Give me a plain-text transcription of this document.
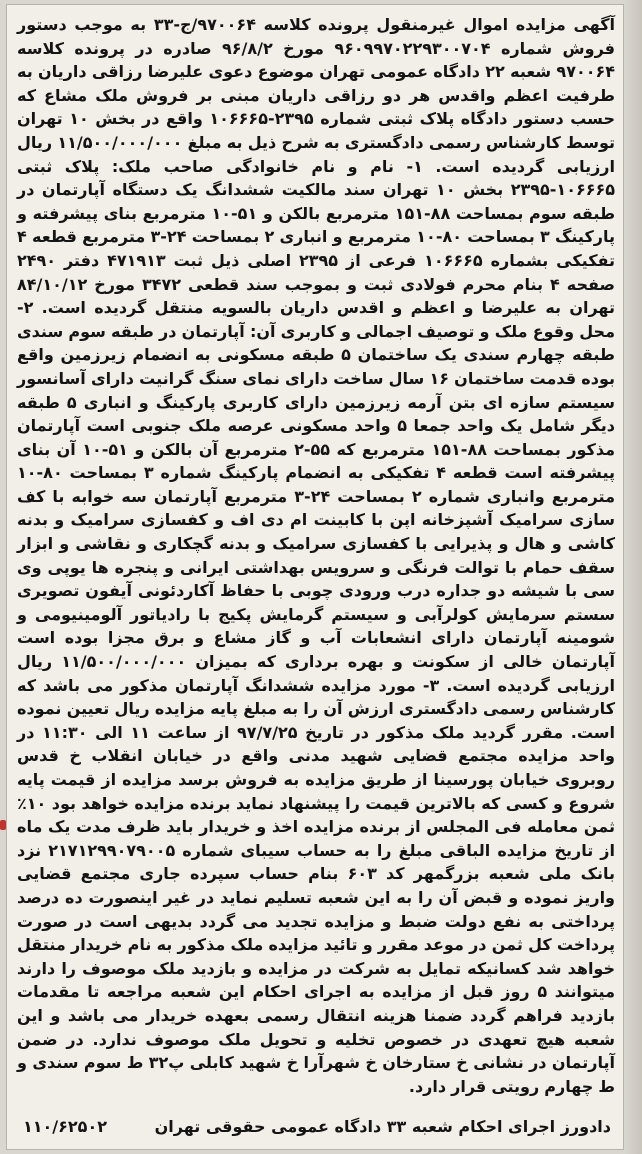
آگهی مزایده اموال غیرمنقول پرونده کلاسه ۹۷۰۰۶۴/ج-۳۳ به موجب دستور فروش شماره ۹۶۰۹۹۷۰۲۲۹۳۰۰۷۰۴ مورخ ۹۶/۸/۲ صادره در پرونده کلاسه ۹۷۰۰۶۴ شعبه ۲۲ دادگاه عمومی تهران موضوع دعوی علیرضا رزاقی داریان به طرفیت اعظم واقدس هر دو رزاقی داریان مبنی بر فروش ملک مشاع که حسب دستور دادگاه پلاک ثبتی شماره ۲۳۹۵-۱۰۶۶۶۵ واقع در بخش ۱۰ تهران توسط کارشناس رسمی دادگستری به شرح ذیل به مبلغ ۱۱/۵۰۰/۰۰۰/۰۰۰ ریال ارزیابی گردیده است. ۱- نام و نام خانوادگی صاحب ملک: پلاک ثبتی ۱۰۶۶۶۵-۲۳۹۵ بخش ۱۰ تهران سند مالکیت ششدانگ یک دستگاه آپارتمان در طبقه سوم بمساحت ۸۸-۱۵۱ مترمربع بالکن و ۵۱-۱۰ مترمربع بنای پیشرفته و پارکینگ ۳ بمساحت ۸۰-۱۰ مترمربع و انباری ۲ بمساحت ۲۴-۳ مترمربع قطعه ۴ تفکیکی بشماره ۱۰۶۶۶۵ فرعی از ۲۳۹۵ اصلی ذیل ثبت ۴۷۱۹۱۳ دفتر ۲۴۹۰ صفحه ۴ بنام محرم فولادی ثبت و بموجب سند قطعی ۳۴۷۲ مورخ ۸۴/۱۰/۱۲ تهران به علیرضا و اعظم و اقدس داریان بالسویه منتقل گردیده است. ۲- محل وقوع ملک و توصیف اجمالی و کاربری آن: آپارتمان در طبقه سوم سندی طبقه چهارم سندی یک ساختمان ۵ طبقه مسکونی به انضمام زیرزمین واقع بوده قدمت ساختمان ۱۶ سال ساخت دارای نمای سنگ گرانیت دارای آسانسور سیستم سازه ای بتن آرمه زیرزمین دارای کاربری پارکینگ و انباری ۵ طبقه دیگر شامل یک واحد جمعا ۵ واحد مسکونی عرصه ملک جنوبی است آپارتمان مذکور بمساحت ۸۸-۱۵۱ مترمربع که ۵۵-۲ مترمربع آن بالکن و ۵۱-۱۰ آن بنای پیشرفته است قطعه ۴ تفکیکی به انضمام پارکینگ شماره ۳ بمساحت ۸۰-۱۰ مترمربع وانباری شماره ۲ بمساحت ۲۴-۳ مترمربع آپارتمان سه خوابه با کف سازی سرامیک آشپزخانه اپن با کابینت ام دی اف و کفسازی سرامیک و بدنه کاشی و هال و پذیرایی با کفسازی سرامیک و بدنه گچکاری و نقاشی و ابزار سقف حمام با توالت فرنگی و سرویس بهداشتی ایرانی و پنجره ها یوپی وی سی با شیشه دو جداره درب ورودی چوبی با حفاظ آکاردئونی آیفون تصویری سستم سرمایش کولرآبی و سیستم گرمایش پکیج با رادیاتور آلومینیومی و شومینه آپارتمان دارای انشعابات آب و گاز مشاع و برق مجزا بوده است آپارتمان خالی از سکونت و بهره برداری که بمیزان ۱۱/۵۰۰/۰۰۰/۰۰۰ ریال ارزیابی گردیده است. ۳- مورد مزایده ششدانگ آپارتمان مذکور می باشد که کارشناس رسمی دادگستری ارزش آن را به مبلغ پایه مزایده ریال تعیین نموده است. مقرر گردید ملک مذکور در تاریخ ۹۷/۷/۲۵ از ساعت ۱۱ الی ۱۱:۳۰ در واحد مزایده مجتمع قضایی شهید مدنی واقع در خیابان انقلاب خ قدس روبروی خیابان پورسینا از طریق مزایده به فروش برسد مزایده از قیمت پایه شروع و کسی که بالاترین قیمت را پیشنهاد نماید برنده مزایده خواهد بود ۱۰٪ ثمن معامله فی المجلس از برنده مزایده اخذ و خریدار باید ظرف مدت یک ماه از تاریخ مزایده الباقی مبلغ را به حساب سیبای شماره ۲۱۷۱۲۹۹۰۷۹۰۰۵ نزد بانک ملی شعبه بزرگمهر کد ۶۰۳ بنام حساب سپرده جاری مجتمع قضایی واریز نموده و قبض آن را به این شعبه تسلیم نماید در غیر اینصورت ده درصد پرداختی به نفع دولت ضبط و مزایده تجدید می گردد بدیهی است در صورت پرداخت کل ثمن در موعد مقرر و تائید مزایده ملک مذکور به نام خریدار منتقل خواهد شد کسانیکه تمایل به شرکت در مزایده و بازدید ملک موصوف را دارند میتوانند ۵ روز قبل از مزایده به اجرای احکام این شعبه مراجعه تا مقدمات بازدید فراهم گردد ضمنا هزینه انتقال رسمی بعهده خریدار می باشد و این شعبه هیچ تعهدی در خصوص تخلیه و تحویل ملک موصوف ندارد. در ضمن آپارتمان در نشانی خ ستارخان خ شهرآرا خ شهید کابلی پ۳۲ ط سوم سندی و ط چهارم رویتی قرار دارد.

دادورز اجرای احکام شعبه ۳۳ دادگاه عمومی حقوقی تهران
۱۱۰/۶۲۵۰۲
